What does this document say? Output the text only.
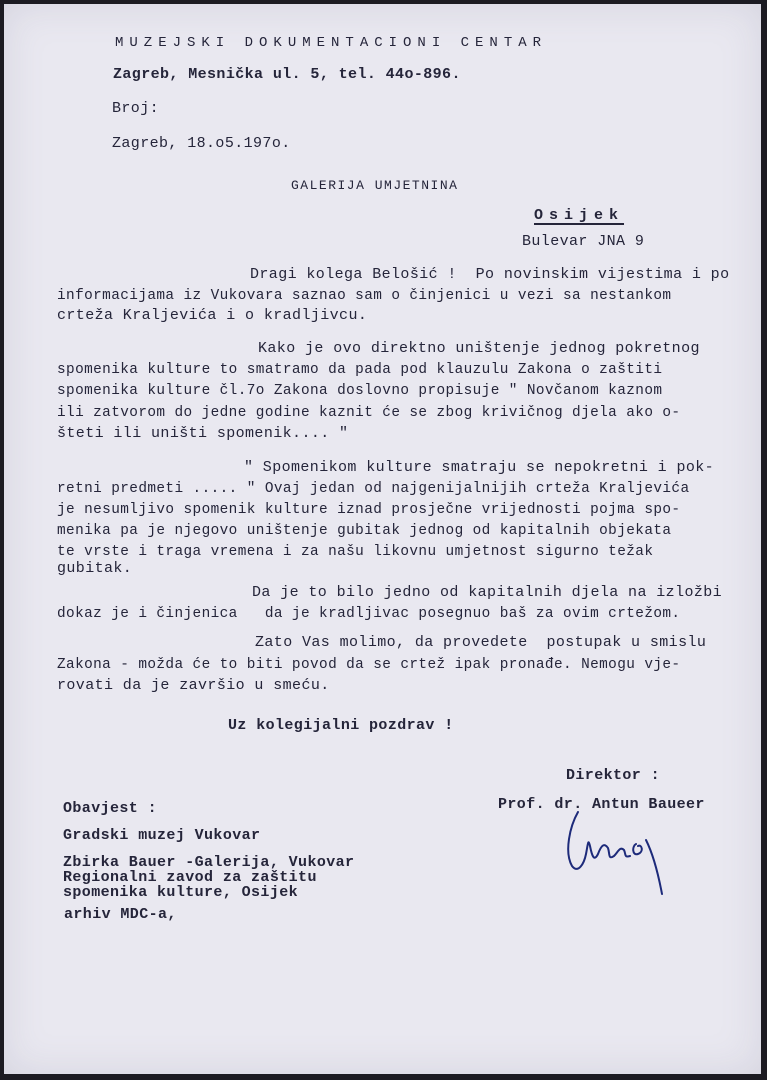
MUZEJSKI DOKUMENTACIONI CENTAR
Zagreb, Mesnička ul. 5, tel. 44o-896.
Broj:
Zagreb, 18.o5.197o.
GALERIJA UMJETNINA
Osijek
Bulevar JNA 9
Dragi kolega Belošić !  Po novinskim vijestima i po
informacijama iz Vukovara saznao sam o činjenici u vezi sa nestankom
crteža Kraljevića i o kradljivcu.
Kako je ovo direktno uništenje jednog pokretnog
spomenika kulture to smatramo da pada pod klauzulu Zakona o zaštiti
spomenika kulture čl.7o Zakona doslovno propisuje " Novčanom kaznom
ili zatvorom do jedne godine kaznit će se zbog krivičnog djela ako o-
šteti ili uništi spomenik.... "
" Spomenikom kulture smatraju se nepokretni i pok-
retni predmeti ..... " Ovaj jedan od najgenijalnijih crteža Kraljevića
je nesumljivo spomenik kulture iznad prosječne vrijednosti pojma spo-
menika pa je njegovo uništenje gubitak jednog od kapitalnih objekata
te vrste i traga vremena i za našu likovnu umjetnost sigurno težak
gubitak.
Da je to bilo jedno od kapitalnih djela na izložbi
dokaz je i činjenica   da je kradljivac posegnuo baš za ovim crtežom.
Zato Vas molimo, da provedete  postupak u smislu
Zakona - možda će to biti povod da se crtež ipak pronađe. Nemogu vje-
rovati da je završio u smeću.
Uz kolegijalni pozdrav !
Direktor :
Prof. dr. Antun Baueer
Obavjest :
Gradski muzej Vukovar
Zbirka Bauer -Galerija, Vukovar
Regionalni zavod za zaštitu
spomenika kulture, Osijek
arhiv MDC-a,
